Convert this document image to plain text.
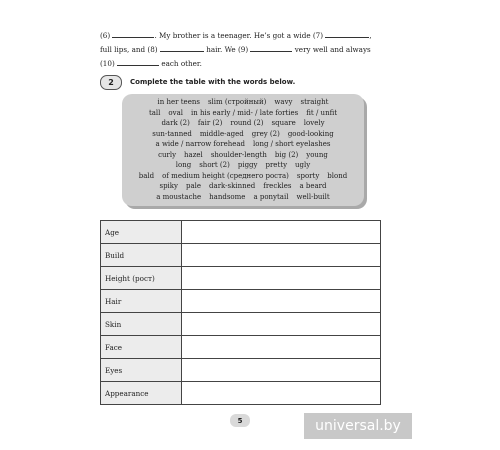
(6)	. My brother is a teenager. He’s got a wide (7)	,
full lips, and (8)	hair. We (9)	very well and always
(10)	each other.
2	Complete the table with the words below.
in her teens slim (стройный) wavy straight
tall oval in his early / mid- / late forties fit / unfit
dark (2) fair (2) round (2) square lovely
sun-tanned middle-aged grey (2) good-looking
a wide / narrow forehead long / short eyelashes
curly hazel shoulder-length big (2) young
long short (2) piggy pretty ugly
bald of medium height (среднего роста) sporty blond
spiky pale dark-skinned freckles a beard
a moustache handsome a ponytail well-built
Age	
Build	
Height (рост)	
Hair	
Skin	
Face	
Eyes	
Appearance	
5	universal.by
